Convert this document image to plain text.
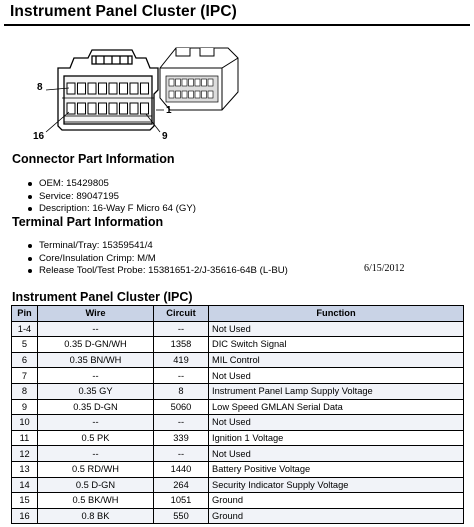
Instrument Panel Cluster (IPC)
8
1
16	9
Connector Part Information
OEM: 15429805
Service: 89047195
Description: 16-Way F Micro 64 (GY)
Terminal Part Information
Terminal/Tray: 15359541/4
Core/Insulation Crimp: M/M
Release Tool/Test Probe: 15381651-2/J-35616-64B (L-BU)	6/15/2012
Instrument Panel Cluster (IPC)
Pin	Wire	Circuit	Function
1-4	--	--	Not Used
5	0.35 D-GN/WH	1358	DIC Switch Signal
6	0.35 BN/WH	419	MIL Control
7	--	--	Not Used
8	0.35 GY	8	Instrument Panel Lamp Supply Voltage
9	0.35 D-GN	5060	Low Speed GMLAN Serial Data
10	--	--	Not Used
11	0.5 PK	339	Ignition 1 Voltage
12	--	--	Not Used
13	0.5 RD/WH	1440	Battery Positive Voltage
14	0.5 D-GN	264	Security Indicator Supply Voltage
15	0.5 BK/WH	1051	Ground
16	0.8 BK	550	Ground
